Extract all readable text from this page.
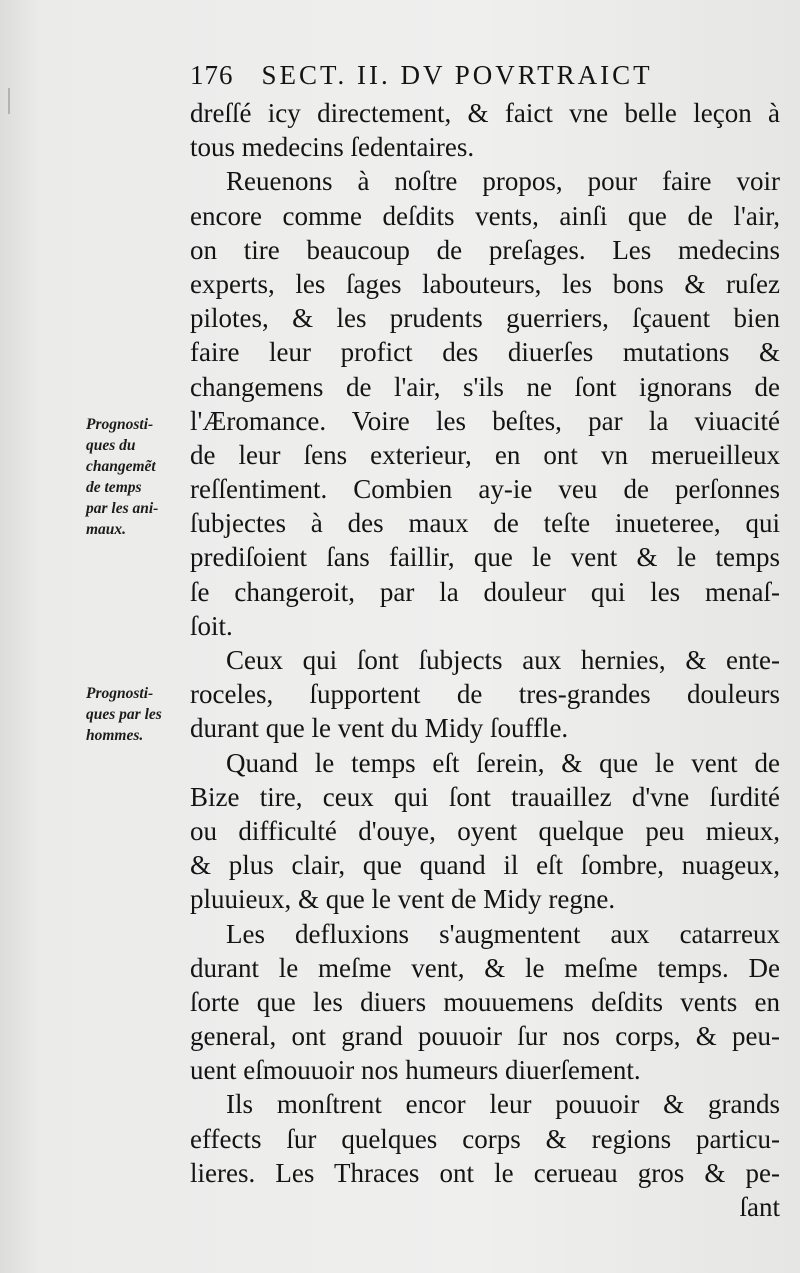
176 SECT. II. DV POVRTRAICT
Prognosti-
ques du
changemẽt
de temps
par les ani-
maux.
Prognosti-
ques par les
hommes.
dreſſé icy directement, & faict vne belle leçon à
tous medecins ſedentaires.
Reuenons à noſtre propos, pour faire voir
encore comme deſdits vents, ainſi que de l'air,
on tire beaucoup de preſages. Les medecins
experts, les ſages labouteurs, les bons & ruſez
pilotes, & les prudents guerriers, ſçauent bien
faire leur profict des diuerſes mutations &
changemens de l'air, s'ils ne ſont ignorans de
l'Æromance. Voire les beſtes, par la viuacité
de leur ſens exterieur, en ont vn merueilleux
reſſentiment. Combien ay-ie veu de perſonnes
ſubjectes à des maux de teſte inueteree, qui
prediſoient ſans faillir, que le vent & le temps
ſe changeroit, par la douleur qui les menaſ-
ſoit.
Ceux qui ſont ſubjects aux hernies, & ente-
roceles, ſupportent de tres-grandes douleurs
durant que le vent du Midy ſouffle.
Quand le temps eſt ſerein, & que le vent de
Bize tire, ceux qui ſont trauaillez d'vne ſurdité
ou difficulté d'ouye, oyent quelque peu mieux,
& plus clair, que quand il eſt ſombre, nuageux,
pluuieux, & que le vent de Midy regne.
Les defluxions s'augmentent aux catarreux
durant le meſme vent, & le meſme temps. De
ſorte que les diuers mouuemens deſdits vents en
general, ont grand pouuoir ſur nos corps, & peu-
uent eſmouuoir nos humeurs diuerſement.
Ils monſtrent encor leur pouuoir & grands
effects ſur quelques corps & regions particu-
lieres. Les Thraces ont le cerueau gros & pe-
ſant
